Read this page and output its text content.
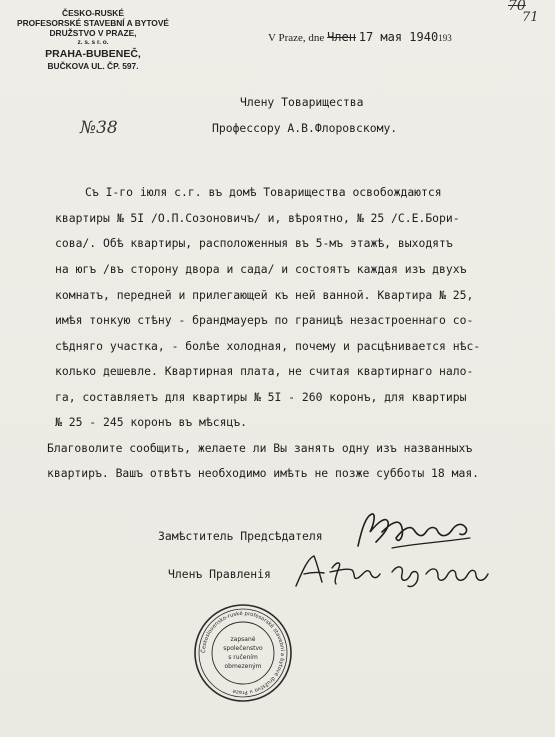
ČESKO-RUSKÉ
PROFESORSKÉ STAVEBNÍ A BYTOVÉ
DRUŽSTVO V PRAZE,
z. s. s r. o.
PRAHA-BUBENEČ,
BUČKOVA UL. ČP. 597.
V Praze, dne Член 17 мая 1940193
70
71
№38
Члену Товарищества
Профессору А.В.Флоровскому.
Съ I-го iюля с.г. въ домѣ Товарищества освобождаются
квартиры № 5I /О.П.Созоновичъ/ и, вѣроятно, № 25 /С.Е.Бори-
сова/. Обѣ квартиры, расположенныя въ 5-мъ этажѣ, выходятъ
на югъ /въ сторону двора и сада/ и состоятъ каждая изъ двухъ
комнатъ, передней и прилегающей къ ней ванной. Квартира № 25,
имѣя тонкую стѣну - брандмауеръ по границѣ незастроеннаго со-
сѣдняго участка, - болѣе холодная, почему и расцѣнивается нѣс-
колько дешевле. Квартирная плата, не считая квартирнаго нало-
га, составляетъ для квартиры № 5I - 260 коронъ, для квартиры
№ 25 - 245 коронъ въ мѣсяцъ.
Благоволите сообщить, желаете ли Вы занять одну изъ названныхъ
квартиръ. Вашъ отвѣтъ необходимо имѣть не позже субботы 18 мая.
Замѣститель Предсѣдателя
Членъ Правленiя
Československo-ruské profesorské stavební a bytové družstvo v Praze
zapsané
společenstvo
s ručením
obmezeným
